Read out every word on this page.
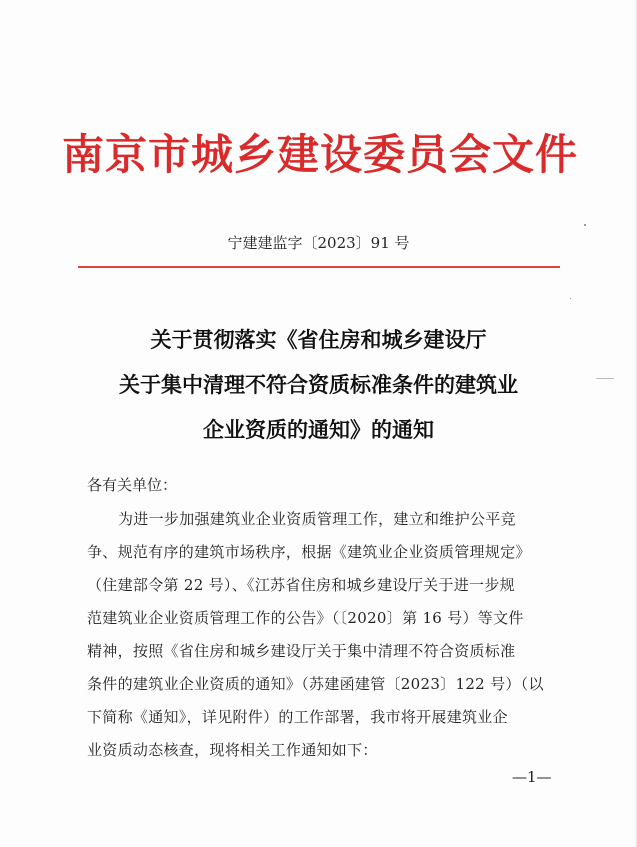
南京市城乡建设委员会文件
宁建建监字〔2023〕91 号
关于贯彻落实《省住房和城乡建设厅
关于集中清理不符合资质标准条件的建筑业
企业资质的通知》的通知
各有关单位：
为进一步加强建筑业企业资质管理工作，建立和维护公平竞
争、规范有序的建筑市场秩序，根据《建筑业企业资质管理规定》
（住建部令第 22 号）、《江苏省住房和城乡建设厅关于进一步规
范建筑业企业资质管理工作的公告》（〔2020〕第 16 号）等文件
精神，按照《省住房和城乡建设厅关于集中清理不符合资质标准
条件的建筑业企业资质的通知》（苏建函建管〔2023〕122 号）（以
下简称《通知》，详见附件）的工作部署，我市将开展建筑业企
业资质动态核查，现将相关工作通知如下：
—1—
